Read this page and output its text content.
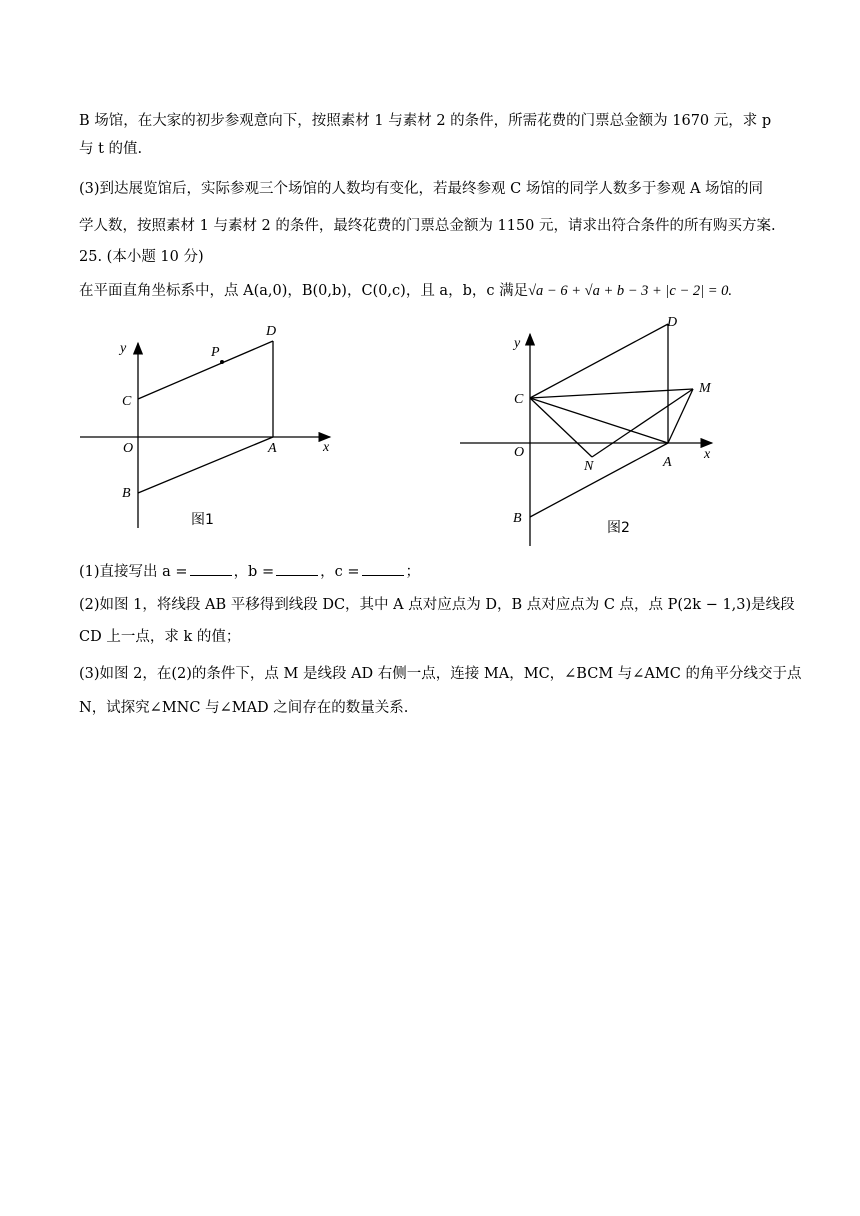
B 场馆，在大家的初步参观意向下，按照素材 1 与素材 2 的条件，所需花费的门票总金额为 1670 元，求 p
与 t 的值.
(3)到达展览馆后，实际参观三个场馆的人数均有变化，若最终参观 C 场馆的同学人数多于参观 A 场馆的同
学人数，按照素材 1 与素材 2 的条件，最终花费的门票总金额为 1150 元，请求出符合条件的所有购买方案.
25. (本小题 10 分)
在平面直角坐标系中，点 A(a,0)，B(0,b)，C(0,c)，且 a，b，c 满足√a − 6 + √a + b − 3 + |c − 2| = 0.
y
x
O
C
B
A
D
P
图1
y
x
O
C
B
A
D
M
N
图2
(1)直接写出 a =	，b =	，c =	；
(2)如图 1，将线段 AB 平移得到线段 DC，其中 A 点对应点为 D，B 点对应点为 C 点，点 P(2k − 1,3)是线段
CD 上一点，求 k 的值；
(3)如图 2，在(2)的条件下，点 M 是线段 AD 右侧一点，连接 MA，MC，∠BCM 与∠AMC 的角平分线交于点
N，试探究∠MNC 与∠MAD 之间存在的数量关系.
